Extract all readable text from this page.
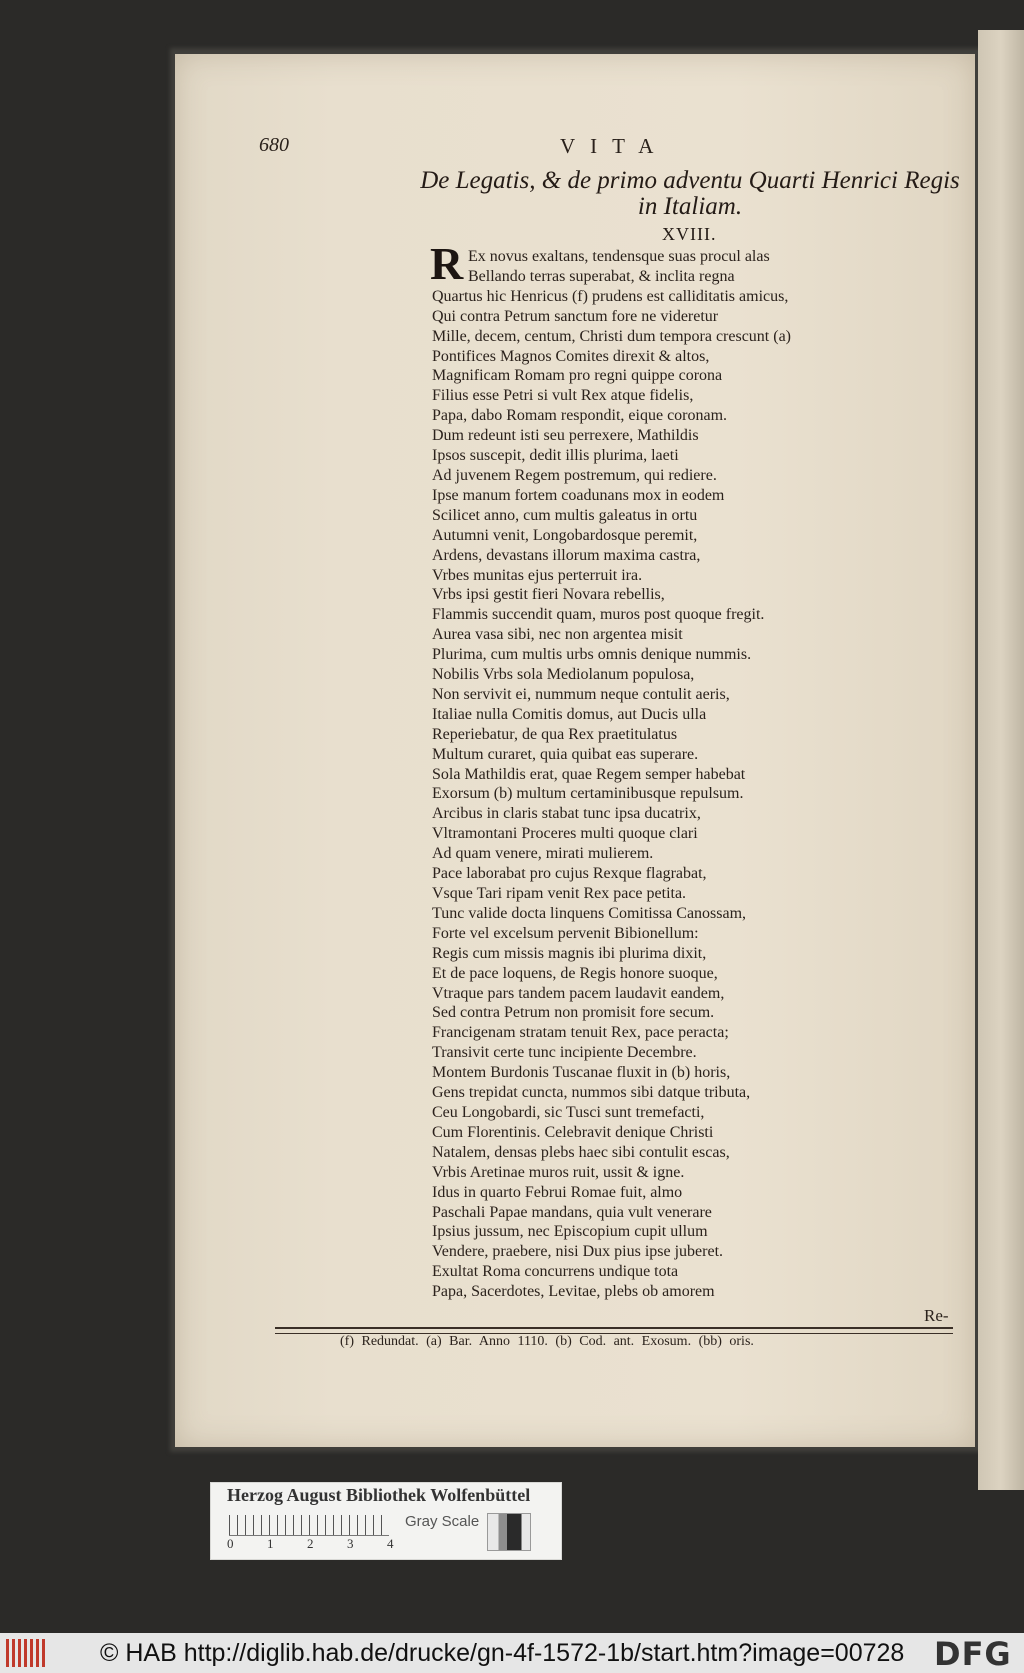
680	VITA
De Legatis, & de primo adventu Quarti Henrici Regis
in Italiam.
XVIII.
R Ex novus exaltans, tendensque suas procul alas
Bellando terras superabat, & inclita regna
Quartus hic Henricus (f) prudens est calliditatis amicus,
Qui contra Petrum sanctum fore ne videretur
Mille, decem, centum, Christi dum tempora crescunt (a)
Pontifices Magnos Comites direxit & altos,
Magnificam Romam pro regni quippe corona
Filius esse Petri si vult Rex atque fidelis,
Papa, dabo Romam respondit, eique coronam.
Dum redeunt isti seu perrexere, Mathildis
Ipsos suscepit, dedit illis plurima, laeti
Ad juvenem Regem postremum, qui rediere.
Ipse manum fortem coadunans mox in eodem
Scilicet anno, cum multis galeatus in ortu
Autumni venit, Longobardosque peremit,
Ardens, devastans illorum maxima castra,
Vrbes munitas ejus perterruit ira.
Vrbs ipsi gestit fieri Novara rebellis,
Flammis succendit quam, muros post quoque fregit.
Aurea vasa sibi, nec non argentea misit
Plurima, cum multis urbs omnis denique nummis.
Nobilis Vrbs sola Mediolanum populosa,
Non servivit ei, nummum neque contulit aeris,
Italiae nulla Comitis domus, aut Ducis ulla
Reperiebatur, de qua Rex praetitulatus
Multum curaret, quia quibat eas superare.
Sola Mathildis erat, quae Regem semper habebat
Exorsum (b) multum certaminibusque repulsum.
Arcibus in claris stabat tunc ipsa ducatrix,
Vltramontani Proceres multi quoque clari
Ad quam venere, mirati mulierem.
Pace laborabat pro cujus Rexque flagrabat,
Vsque Tari ripam venit Rex pace petita.
Tunc valide docta linquens Comitissa Canossam,
Forte vel excelsum pervenit Bibionellum:
Regis cum missis magnis ibi plurima dixit,
Et de pace loquens, de Regis honore suoque,
Vtraque pars tandem pacem laudavit eandem,
Sed contra Petrum non promisit fore secum.
Francigenam stratam tenuit Rex, pace peracta;
Transivit certe tunc incipiente Decembre.
Montem Burdonis Tuscanae fluxit in (b) horis,
Gens trepidat cuncta, nummos sibi datque tributa,
Ceu Longobardi, sic Tusci sunt tremefacti,
Cum Florentinis. Celebravit denique Christi
Natalem, densas plebs haec sibi contulit escas,
Vrbis Aretinae muros ruit, ussit & igne.
Idus in quarto Februi Romae fuit, almo
Paschali Papae mandans, quia vult venerare
Ipsius jussum, nec Episcopium cupit ullum
Vendere, praebere, nisi Dux pius ipse juberet.
Exultat Roma concurrens undique tota
Papa, Sacerdotes, Levitae, plebs ob amorem
Re-
(f) Redundat. (a) Bar. Anno 1110. (b) Cod. ant. Exosum. (bb) oris.
Herzog August Bibliothek Wolfenbüttel
0	1	2	3	4
Gray Scale
© HAB http://diglib.hab.de/drucke/gn-4f-1572-1b/start.htm?image=00728 DFG
